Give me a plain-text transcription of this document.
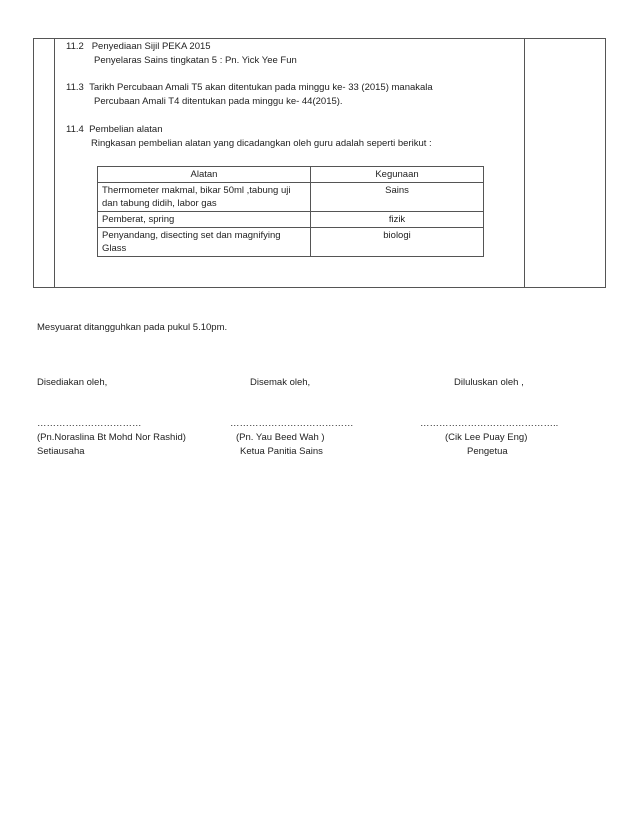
11.2 Penyediaan Sijil PEKA 2015
Penyelaras Sains tingkatan 5 : Pn. Yick Yee Fun
11.3 Tarikh Percubaan Amali T5 akan ditentukan pada minggu ke- 33 (2015) manakala
Percubaan Amali T4 ditentukan pada minggu ke- 44(2015).
11.4 Pembelian alatan
Ringkasan pembelian alatan yang dicadangkan oleh guru adalah seperti berikut :
Alatan	Kegunaan
Thermometer makmal, bikar 50ml ,tabung uji dan tabung didih, labor gas	Sains
Pemberat, spring	fizik
Penyandang, disecting set dan magnifying Glass	biologi
Mesyuarat ditangguhkan pada pukul 5.10pm.
Disediakan oleh,	Disemak oleh,	Diluluskan oleh ,
……………………………	…………………………………	……………………………………..
(Pn.Noraslina Bt Mohd Nor Rashid)	(Pn. Yau Beed Wah )	(Cik Lee Puay Eng)
Setiausaha	Ketua Panitia Sains	Pengetua
